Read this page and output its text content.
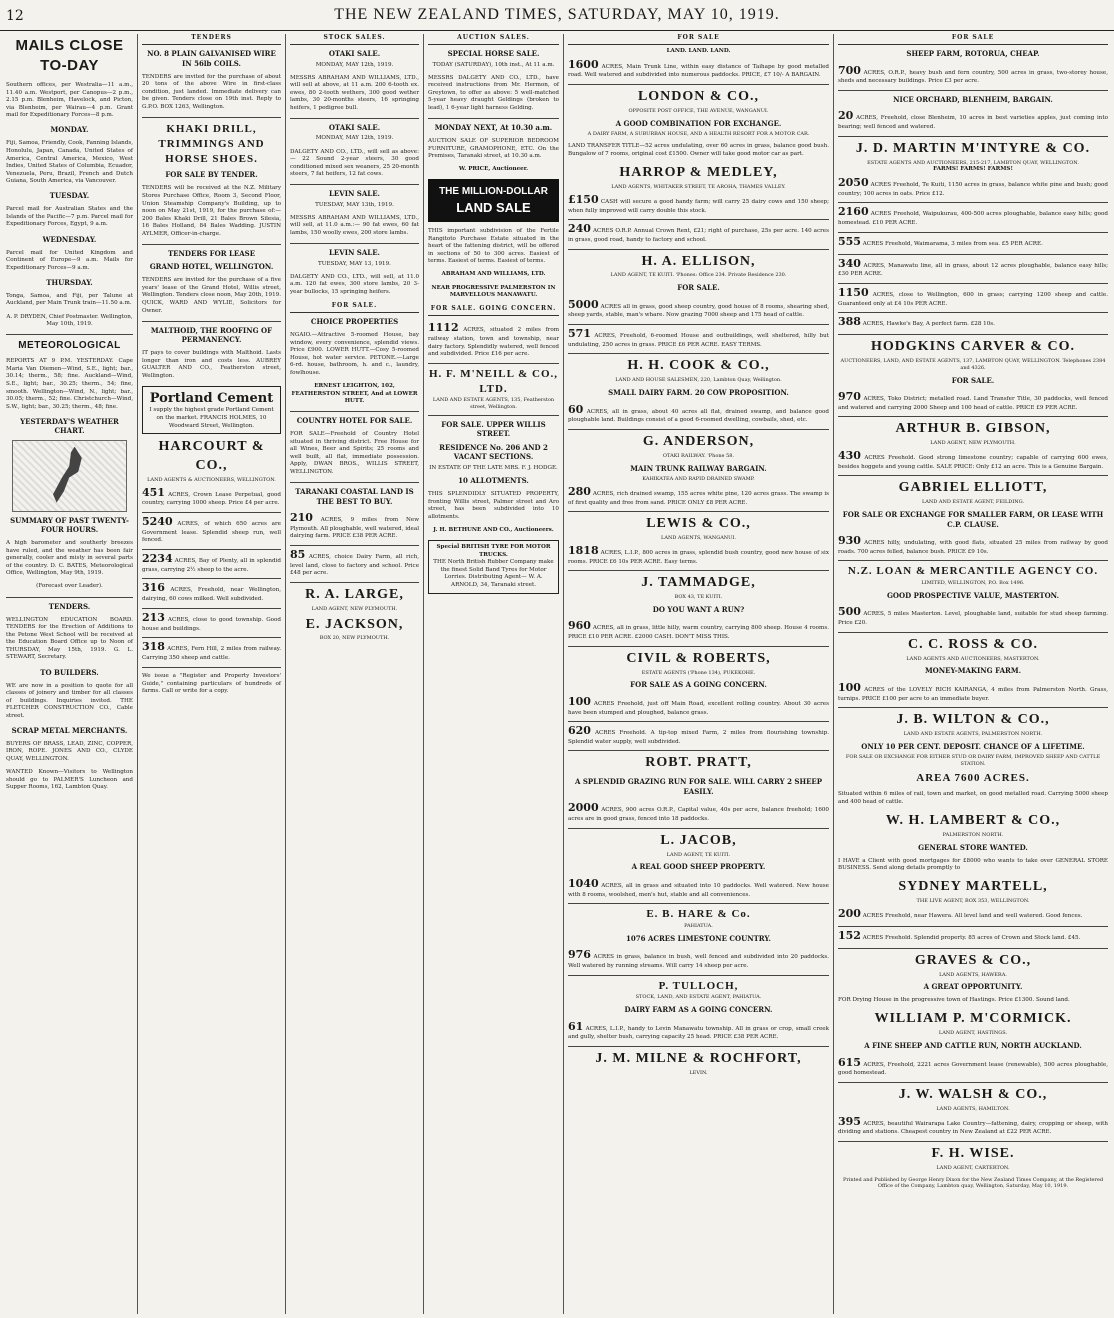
12	THE NEW ZEALAND TIMES, SATURDAY, MAY 10, 1919.
MAILS CLOSE TO-DAY

Southern offices, per Westralia—11 a.m., 11.40 a.m. Westport, per Canopus—2 p.m., 2.15 p.m. Blenheim, Havelock, and Picton, via Blenheim, per Wairau—4 p.m. Grant mail for Expeditionary Forces—8 p.m.

MONDAY.

Fiji, Samoa, Friendly, Cook, Fanning Islands, Honolulu, Japan, Canada, United States of America, Central America, Mexico, West Indies, United States of Columbia, Ecuador, Venezuela, Peru, Brazil, French and Dutch Guiana, South America, via Vancouver.

TUESDAY.

Parcel mail for Australian States and the Islands of the Pacific—7 p.m. Parcel mail for Expeditionary Forces, Egypt, 9 a.m.

WEDNESDAY.

Parcel mail for United Kingdom and Continent of Europe—9 a.m. Mails for Expeditionary Forces—9 a.m.

THURSDAY.

Tonga, Samoa, and Fiji, per Talune at Auckland, per Main Trunk train—11.50 a.m.

A. P. DRYDEN, Chief Postmaster. Wellington, May 10th, 1919.

METEOROLOGICAL

REPORTS AT 9 P.M. YESTERDAY. Cape Maria Van Diemen—Wind, S.E., light; bar., 30.14; therm., 58; fine. Auckland—Wind, S.E., light; bar., 30.25; therm., 54; fine, smooth. Wellington—Wind, N., light; bar., 30.05; therm., 52; fine. Christchurch—Wind, S.W., light; bar., 30.25; therm., 48; fine.

YESTERDAY'S WEATHER CHART.
SUMMARY OF PAST TWENTY-FOUR HOURS.

A high barometer and southerly breezes have ruled, and the weather has been fair generally, cooler and misty in several parts of the country. D. C. BATES, Meteorological Office, Wellington, May 9th, 1919.

(Forecast over Leader).

TENDERS.

WELLINGTON EDUCATION BOARD. TENDERS for the Erection of Additions to the Petone West School will be received at the Education Board Office up to Noon of THURSDAY, May 15th, 1919. G. L. STEWART, Secretary.

TO BUILDERS.

WE are now in a position to quote for all classes of joinery and timber for all classes of buildings. Inquiries invited. THE FLETCHER CONSTRUCTION CO., Cable street.

SCRAP METAL MERCHANTS.

BUYERS OF BRASS, LEAD, ZINC, COPPER, IRON, ROPE. JONES AND CO., CLYDE QUAY, WELLINGTON.

WANTED Known—Visitors to Wellington should go to PALMER'S Luncheon and Supper Rooms, 162, Lambton Quay.

TENDERS
NO. 8 PLAIN GALVANISED WIRE IN 56lb COILS.

TENDERS are invited for the purchase of about 20 tons of the above Wire in first-class condition, just landed. Immediate delivery can be given. Tenders close on 19th inst. Reply to G.P.O. BOX 1263, Wellington.

KHAKI DRILL, TRIMMINGS AND HORSE SHOES.
FOR SALE BY TENDER.

TENDERS will be received at the N.Z. Military Stores Purchase Office, Room 3, Second Floor, Union Steamship Company's Building, up to noon on May 21st, 1919, for the purchase of:— 200 Bales Khaki Drill, 21 Bales Brown Silesia, 16 Bales Holland, 84 Bales Wadding. JUSTIN AYLMER, Officer-in-charge.

TENDERS FOR LEASE
GRAND HOTEL, WELLINGTON.

TENDERS are invited for the purchase of a five years' lease of the Grand Hotel, Willis street, Wellington. Tenders close noon, May 20th, 1919. QUICK, WARD AND WYLIE, Solicitors for Owner.

MALTHOID, THE ROOFING OF PERMANENCY.

IT pays to cover buildings with Malthoid. Lasts longer than iron and costs less. AUBREY GUALTER AND CO., Featherston street, Wellington.

Portland Cement
I supply the highest grade Portland Cement on the market. FRANCIS HOLMES, 10 Woodward Street, Wellington.
HARCOURT & CO.,
LAND AGENTS & AUCTIONEERS, WELLINGTON.
451 ACRES, Crown Lease Perpetual, good country, carrying 1000 sheep. Price £4 per acre.
5240 ACRES, of which 650 acres are Government lease. Splendid sheep run, well fenced.
2234 ACRES, Bay of Plenty, all in splendid grass, carrying 2½ sheep to the acre.
316 ACRES, Freehold, near Wellington, dairying, 60 cows milked. Well subdivided.
213 ACRES, close to good township. Good house and buildings.
318 ACRES, Fern Hill, 2 miles from railway. Carrying 350 sheep and cattle.

We issue a "Register and Property Investors' Guide," containing particulars of hundreds of farms. Call or write for a copy.

STOCK SALES.
OTAKI SALE.
MONDAY, MAY 12th, 1919.

MESSRS ABRAHAM AND WILLIAMS, LTD., will sell at above, at 11 a.m. 200 6-tooth ex. ewes, 80 2-tooth wethers, 300 good wether lambs, 30 20-months steers, 16 springing heifers, 1 pedigree bull.

OTAKI SALE.
MONDAY, MAY 12th, 1919.

DALGETY AND CO., LTD., will sell as above:— 22 Sound 2-year steers, 30 good conditioned mixed sex weaners, 25 20-month steers, 7 fat heifers, 12 fat cows.

LEVIN SALE.
TUESDAY, MAY 13th, 1919.

MESSRS ABRAHAM AND WILLIAMS, LTD., will sell, at 11.0 a.m.:— 90 fat ewes, 60 fat lambs, 150 woolly ewes, 200 store lambs.

LEVIN SALE.
TUESDAY, MAY 13, 1919.

DALGETY AND CO., LTD., will sell, at 11.0 a.m. 120 fat ewes, 300 store lambs, 20 3-year bullocks, 15 springing heifers.

FOR SALE.
CHOICE PROPERTIES

NGAIO.—Attractive 5-roomed House, bay window, every convenience, splendid views. Price £900. LOWER HUTT.—Cosy 5-roomed House, hot water service. PETONE.—Large 6-rd. house, bathroom, h. and c., laundry, fowlhouse.

ERNEST LEIGHTON, 102, FEATHERSTON STREET, And at LOWER HUTT.

COUNTRY HOTEL FOR SALE.

FOR SALE—Freehold of Country Hotel situated in thriving district. Free House for all Wines, Beer and Spirits; 25 rooms and well built, all flat, immediate possession. Apply, DWAN BROS., WILLIS STREET, WELLINGTON.

TARANAKI COASTAL LAND IS THE BEST TO BUY.
210 ACRES, 9 miles from New Plymouth. All ploughable, well watered, ideal dairying farm. PRICE £38 PER ACRE.
85 ACRES, choice Dairy Farm, all rich, level land, close to factory and school. Price £48 per acre.
R. A. LARGE,
LAND AGENT, NEW PLYMOUTH.
E. JACKSON,
BOX 20, NEW PLYMOUTH.
AUCTION SALES.
SPECIAL HORSE SALE.
TODAY (SATURDAY), 10th inst., At 11 a.m.

MESSRS DALGETY AND CO., LTD., have received instructions from Mr. Hermon, of Greytown, to offer as above: 5 well-matched 5-year heavy draught Geldings (broken to lead), 1 6-year light harness Gelding.

MONDAY NEXT, At 10.30 a.m.

AUCTION SALE OF SUPERIOR BEDROOM FURNITURE, GRAMOPHONE, ETC. On the Premises, Taranaki street, at 10.30 a.m.

W. PRICE, Auctioneer.

THE MILLION-DOLLAR
LAND SALE

THIS important subdivision of the Fertile Rangitoto Purchase Estate situated in the heart of the fattening district, will be offered in sections of 50 to 300 acres. Easiest of terms. Easiest of terms. Easiest of terms.

ABRAHAM AND WILLIAMS, LTD.

NEAR PROGRESSIVE PALMERSTON IN MARVELLOUS MANAWATU.

FOR SALE. GOING CONCERN.
1112 ACRES, situated 2 miles from railway station, town and township, near dairy factory. Splendidly watered, well fenced and subdivided. Price £16 per acre.
H. F. M'NEILL & CO., LTD.
LAND AND ESTATE AGENTS, 135, Featherston street, Wellington.
FOR SALE. UPPER WILLIS STREET.
RESIDENCE No. 206 AND 2 VACANT SECTIONS.
IN ESTATE OF THE LATE MRS. F. J. HODGE.
10 ALLOTMENTS.

THIS SPLENDIDLY SITUATED PROPERTY, fronting Willis street, Palmer street and Aro street, has been subdivided into 10 allotments.

J. H. BETHUNE AND CO., Auctioneers.

Special BRITISH TYRE FOR MOTOR TRUCKS.
THE North British Rubber Company make the finest Solid Band Tyres for Motor Lorries. Distributing Agent— W. A. ARNOLD, 34, Taranaki street.
FOR SALE
LAND. LAND. LAND.
1600 ACRES, Main Trunk Line, within easy distance of Taihape by good metalled road. Well watered and subdivided into numerous paddocks. PRICE, £7 10/- A BARGAIN.
LONDON & CO.,
OPPOSITE POST OFFICE, THE AVENUE, WANGANUI.
A GOOD COMBINATION FOR EXCHANGE.
A DAIRY FARM, A SUBURBAN HOUSE, AND A HEALTH RESORT FOR A MOTOR CAR.

LAND TRANSFER TITLE—52 acres undulating, over 60 acres in grass, balance good bush. Bungalow of 7 rooms, original cost £1500. Owner will take good motor car as part.

HARROP & MEDLEY,
LAND AGENTS, WHITAKER STREET, TE AROHA, THAMES VALLEY.
£150 CASH will secure a good handy farm; will carry 25 dairy cows and 150 sheep; when fully improved will carry double this stock.
240 ACRES O.R.P. Annual Crown Rent, £21; right of purchase, 25s per acre. 140 acres in grass, good road, handy to factory and school.
H. A. ELLISON,
LAND AGENT, TE KUITI. 'Phones: Office 234. Private Residence 230.
FOR SALE.
5000 ACRES all in grass, good sheep country, good house of 8 rooms, shearing shed, sheep yards, stable, man's whare. Now grazing 7000 sheep and 175 head of cattle.
571 ACRES, Freehold, 6-roomed House and outbuildings, well sheltered, hilly but undulating, 250 acres in grass. PRICE £6 PER ACRE. EASY TERMS.
H. H. COOK & CO.,
LAND AND HOUSE SALESMEN, 220, Lambton Quay, Wellington.
SMALL DAIRY FARM. 20 COW PROPOSITION.
60 ACRES, all in grass, about 40 acres all flat, drained swamp, and balance good ploughable land. Buildings consist of a good 6-roomed dwelling, cowbails, shed, etc.
G. ANDERSON,
OTAKI RAILWAY. 'Phone 58.
MAIN TRUNK RAILWAY BARGAIN.
KAHIKATEA AND RAPID DRAINED SWAMP.
280 ACRES, rich drained swamp, 155 acres white pine, 120 acres grass. The swamp is of first quality and free from sand. PRICE ONLY £8 PER ACRE.
LEWIS & CO.,
LAND AGENTS, WANGANUI.
1818 ACRES, L.I.P., 800 acres in grass, splendid bush country, good new house of six rooms. PRICE £6 10s PER ACRE. Easy terms.
J. TAMMADGE,
BOX 43, TE KUITI.
DO YOU WANT A RUN?
960 ACRES, all in grass, little hilly, warm country, carrying 800 sheep. House 4 rooms. PRICE £10 PER ACRE. £2000 CASH. DON'T MISS THIS.
CIVIL & ROBERTS,
ESTATE AGENTS ('Phone 134), PUKEKOHE.
FOR SALE AS A GOING CONCERN.
100 ACRES Freehold, just off Main Road, excellent rolling country. About 30 acres have been stumped and ploughed, balance grass.
620 ACRES Freehold. A tip-top mixed Farm, 2 miles from flourishing township. Splendid water supply, well subdivided.
ROBT. PRATT,
A SPLENDID GRAZING RUN FOR SALE. WILL CARRY 2 SHEEP EASILY.
2000 ACRES, 900 acres O.R.P., Capital value, 40s per acre, balance freehold; 1600 acres are in good grass, fenced into 18 paddocks.
L. JACOB,
LAND AGENT, TE KUITI.
A REAL GOOD SHEEP PROPERTY.
1040 ACRES, all in grass and situated into 10 paddocks. Well watered. New house with 8 rooms, woolshed, men's hut, stable and all conveniences.
E. B. HARE & Co.
PAHIATUA.
1076 ACRES LIMESTONE COUNTRY.
976 ACRES in grass, balance in bush, well fenced and subdivided into 20 paddocks. Well watered by running streams. Will carry 14 sheep per acre.
P. TULLOCH,
STOCK, LAND, AND ESTATE AGENT, PAHIATUA.
DAIRY FARM AS A GOING CONCERN.
61 ACRES, L.I.P., handy to Levin Manawatu township. All in grass or crop, small creek and gully, shelter bush, carrying capacity 25 head. PRICE £38 PER ACRE.
J. M. MILNE & ROCHFORT,
LEVIN.
FOR SALE
SHEEP FARM, ROTORUA, CHEAP.
700 ACRES, O.R.P., heavy bush and fern country, 500 acres in grass, two-storey house, sheds and necessary buildings. Price £3 per acre.
NICE ORCHARD, BLENHEIM, BARGAIN.
20 ACRES, Freehold, close Blenheim, 10 acres in best varieties apples, just coming into bearing; well fenced and watered.
J. D. MARTIN M'INTYRE & CO.
ESTATE AGENTS AND AUCTIONEERS, 215-217, LAMBTON QUAY, WELLINGTON.
FARMS! FARMS! FARMS!
2050 ACRES Freehold, Te Kuiti, 1150 acres in grass, balance white pine and bush; good country; 100 acres in oats. Price £12.
2160 ACRES Freehold, Waipukurau, 400-500 acres ploughable, balance easy hills; good homestead. £10 PER ACRE.
555 ACRES Freehold, Waimarama, 3 miles from sea. £5 PER ACRE.
340 ACRES, Manawatu line, all in grass, about 12 acres ploughable, balance easy hills; £30 PER ACRE.
1150 ACRES, close to Wellington, 600 in grass; carrying 1200 sheep and cattle. Guaranteed only at £4 10s PER ACRE.
388 ACRES, Hawke's Bay, A perfect farm. £28 10s.
HODGKINS CARVER & CO.
AUCTIONEERS, LAND, AND ESTATE AGENTS, 137, LAMBTON QUAY, WELLINGTON. Telephones 2384 and 4326.
FOR SALE.
970 ACRES, Toko District; metalled road. Land Transfer Title, 30 paddocks, well fenced and watered and carrying 2000 Sheep and 100 head of cattle. PRICE £9 PER ACRE.
ARTHUR B. GIBSON,
LAND AGENT, NEW PLYMOUTH.
430 ACRES Freehold. Good strong limestone country; capable of carrying 600 ewes, besides hoggets and young cattle. SALE PRICE: Only £12 an acre. This is a Genuine Bargain.
GABRIEL ELLIOTT,
LAND AND ESTATE AGENT, FEILDING.
FOR SALE OR EXCHANGE FOR SMALLER FARM, OR LEASE WITH C.P. CLAUSE.
930 ACRES hilly, undulating, with good flats, situated 25 miles from railway by good roads. 700 acres felled, balance bush. PRICE £9 10s.
N.Z. LOAN & MERCANTILE AGENCY CO.
LIMITED, WELLINGTON, P.O. Box 1496.
GOOD PROSPECTIVE VALUE, MASTERTON.
500 ACRES, 5 miles Masterton. Level, ploughable land, suitable for stud sheep farming. Price £20.
C. C. ROSS & CO.
LAND AGENTS AND AUCTIONEERS, MASTERTON.
MONEY-MAKING FARM.
100 ACRES of the LOVELY RICH KAIRANGA, 4 miles from Palmerston North. Grass, turnips. PRICE £100 per acre to an immediate buyer.
J. B. WILTON & CO.,
LAND AND ESTATE AGENTS, PALMERSTON NORTH.
ONLY 10 PER CENT. DEPOSIT. CHANCE OF A LIFETIME.
FOR SALE OR EXCHANGE FOR EITHER STUD OR DAIRY FARM, IMPROVED SHEEP AND CATTLE STATION.
AREA 7600 ACRES.

Situated within 6 miles of rail, town and market, on good metalled road. Carrying 5000 sheep and 400 head of cattle.

W. H. LAMBERT & CO.,
PALMERSTON NORTH.
GENERAL STORE WANTED.

I HAVE a Client with good mortgages for £8000 who wants to take over GENERAL STORE BUSINESS. Send along details promptly to

SYDNEY MARTELL,
THE LIVE AGENT, BOX 353, WELLINGTON.
200 ACRES Freehold, near Hawera. All level land and well watered. Good fences.
152 ACRES Freehold. Splendid property. 85 acres of Crown and Stock land. £45.
GRAVES & CO.,
LAND AGENTS, HAWERA.
A GREAT OPPORTUNITY.

FOR Drying House in the progressive town of Hastings. Price £1300. Sound land.

WILLIAM P. M'CORMICK.
LAND AGENT, HASTINGS.
A FINE SHEEP AND CATTLE RUN, NORTH AUCKLAND.
615 ACRES, Freehold, 2221 acres Government lease (renewable), 500 acres ploughable, good homestead.
J. W. WALSH & CO.,
LAND AGENTS, HAMILTON.
395 ACRES, beautiful Wairarapa Lake Country—fattening, dairy, cropping or sheep, with dividing and stations. Cheapest country in New Zealand at £22 PER ACRE.
F. H. WISE.
LAND AGENT, CARTERTON.

Printed and Published by George Henry Dixon for the New Zealand Times Company, at the Registered Office of the Company, Lambton quay, Wellington, Saturday, May 10, 1919.
